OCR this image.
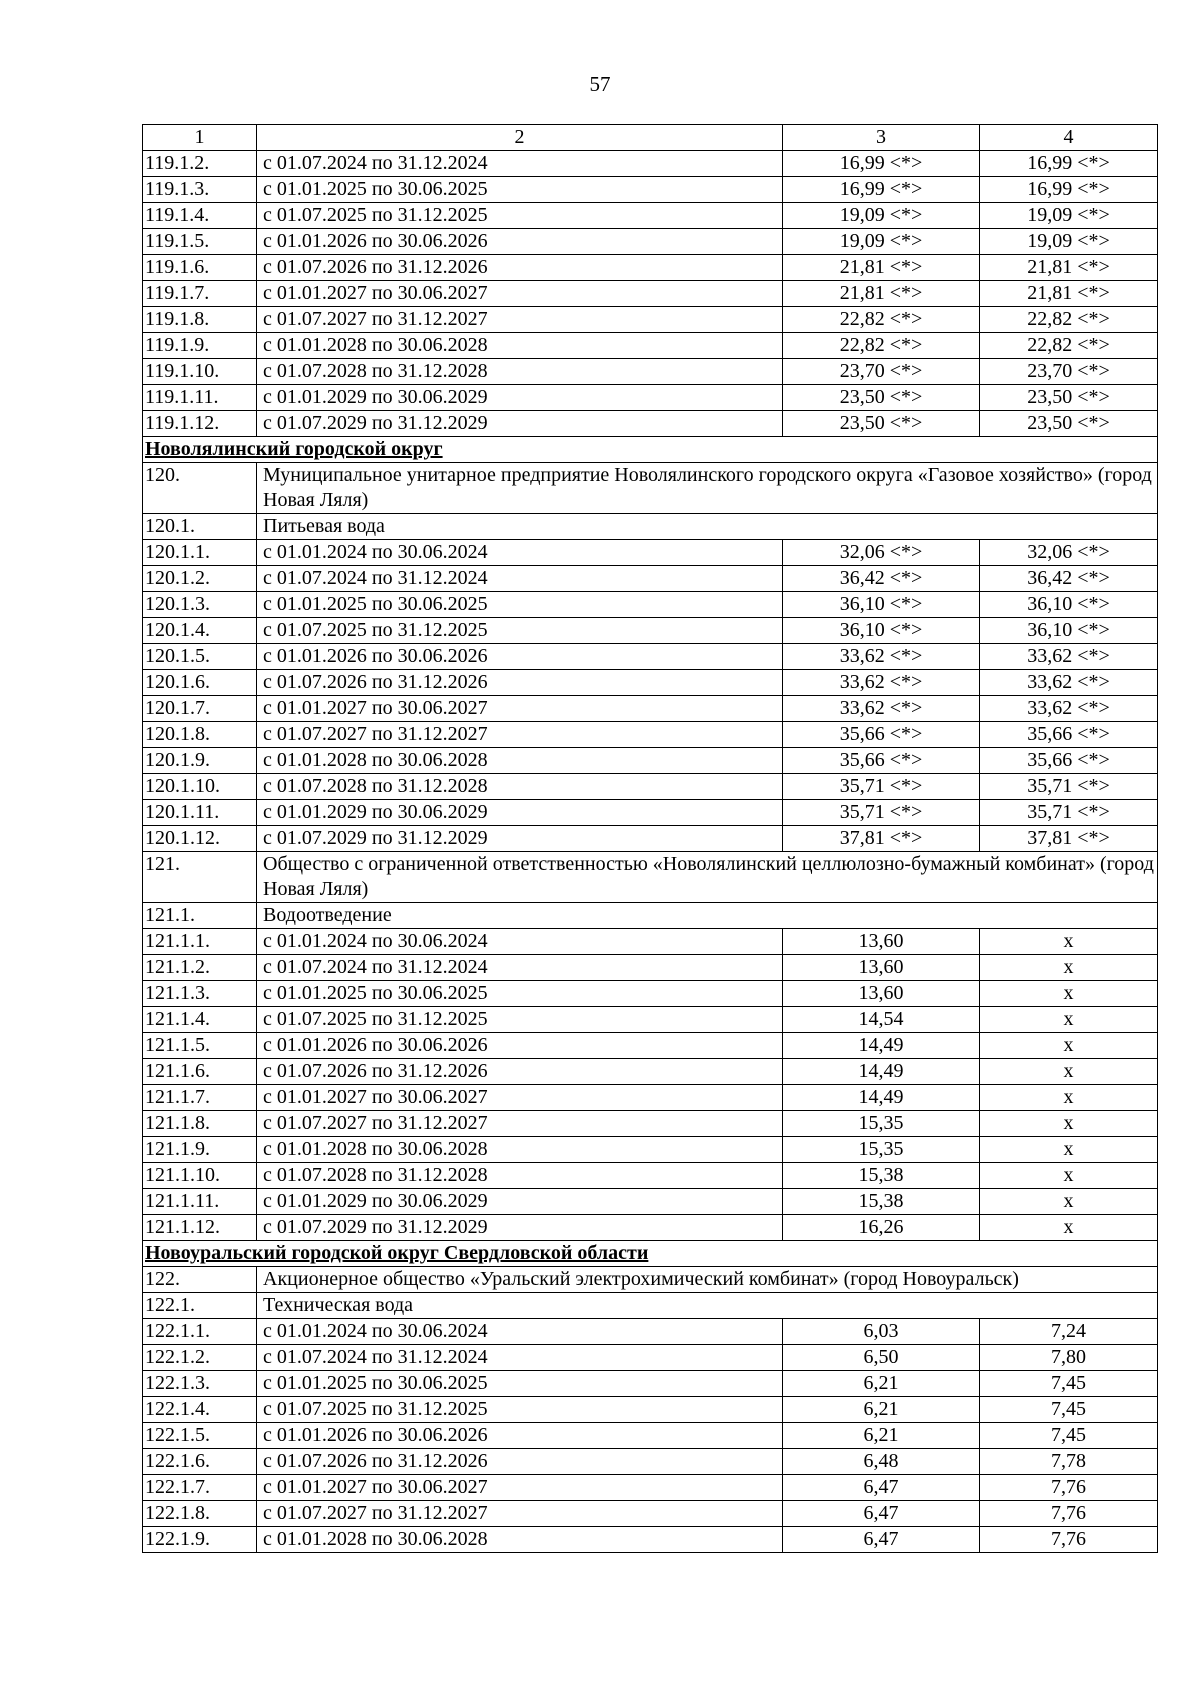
57
1	2	3	4
119.1.2.	с 01.07.2024 по 31.12.2024	16,99 <*>	16,99 <*>
119.1.3.	с 01.01.2025 по 30.06.2025	16,99 <*>	16,99 <*>
119.1.4.	с 01.07.2025 по 31.12.2025	19,09 <*>	19,09 <*>
119.1.5.	с 01.01.2026 по 30.06.2026	19,09 <*>	19,09 <*>
119.1.6.	с 01.07.2026 по 31.12.2026	21,81 <*>	21,81 <*>
119.1.7.	с 01.01.2027 по 30.06.2027	21,81 <*>	21,81 <*>
119.1.8.	с 01.07.2027 по 31.12.2027	22,82 <*>	22,82 <*>
119.1.9.	с 01.01.2028 по 30.06.2028	22,82 <*>	22,82 <*>
119.1.10.	с 01.07.2028 по 31.12.2028	23,70 <*>	23,70 <*>
119.1.11.	с 01.01.2029 по 30.06.2029	23,50 <*>	23,50 <*>
119.1.12.	с 01.07.2029 по 31.12.2029	23,50 <*>	23,50 <*>
Новолялинский городской округ			
120.	Муниципальное унитарное предприятие Новолялинского городского округа «Газовое хозяйство» (город Новая Ляля)		
120.1.	Питьевая вода		
120.1.1.	с 01.01.2024 по 30.06.2024	32,06 <*>	32,06 <*>
120.1.2.	с 01.07.2024 по 31.12.2024	36,42 <*>	36,42 <*>
120.1.3.	с 01.01.2025 по 30.06.2025	36,10 <*>	36,10 <*>
120.1.4.	с 01.07.2025 по 31.12.2025	36,10 <*>	36,10 <*>
120.1.5.	с 01.01.2026 по 30.06.2026	33,62 <*>	33,62 <*>
120.1.6.	с 01.07.2026 по 31.12.2026	33,62 <*>	33,62 <*>
120.1.7.	с 01.01.2027 по 30.06.2027	33,62 <*>	33,62 <*>
120.1.8.	с 01.07.2027 по 31.12.2027	35,66 <*>	35,66 <*>
120.1.9.	с 01.01.2028 по 30.06.2028	35,66 <*>	35,66 <*>
120.1.10.	с 01.07.2028 по 31.12.2028	35,71 <*>	35,71 <*>
120.1.11.	с 01.01.2029 по 30.06.2029	35,71 <*>	35,71 <*>
120.1.12.	с 01.07.2029 по 31.12.2029	37,81 <*>	37,81 <*>
121.	Общество с ограниченной ответственностью «Новолялинский целлюлозно-бумажный комбинат» (город Новая Ляля)		
121.1.	Водоотведение		
121.1.1.	с 01.01.2024 по 30.06.2024	13,60	x
121.1.2.	с 01.07.2024 по 31.12.2024	13,60	x
121.1.3.	с 01.01.2025 по 30.06.2025	13,60	x
121.1.4.	с 01.07.2025 по 31.12.2025	14,54	x
121.1.5.	с 01.01.2026 по 30.06.2026	14,49	x
121.1.6.	с 01.07.2026 по 31.12.2026	14,49	x
121.1.7.	с 01.01.2027 по 30.06.2027	14,49	x
121.1.8.	с 01.07.2027 по 31.12.2027	15,35	x
121.1.9.	с 01.01.2028 по 30.06.2028	15,35	x
121.1.10.	с 01.07.2028 по 31.12.2028	15,38	x
121.1.11.	с 01.01.2029 по 30.06.2029	15,38	x
121.1.12.	с 01.07.2029 по 31.12.2029	16,26	x
Новоуральский городской округ Свердловской области			
122.	Акционерное общество «Уральский электрохимический комбинат» (город Новоуральск)		
122.1.	Техническая вода		
122.1.1.	с 01.01.2024 по 30.06.2024	6,03	7,24
122.1.2.	с 01.07.2024 по 31.12.2024	6,50	7,80
122.1.3.	с 01.01.2025 по 30.06.2025	6,21	7,45
122.1.4.	с 01.07.2025 по 31.12.2025	6,21	7,45
122.1.5.	с 01.01.2026 по 30.06.2026	6,21	7,45
122.1.6.	с 01.07.2026 по 31.12.2026	6,48	7,78
122.1.7.	с 01.01.2027 по 30.06.2027	6,47	7,76
122.1.8.	с 01.07.2027 по 31.12.2027	6,47	7,76
122.1.9.	с 01.01.2028 по 30.06.2028	6,47	7,76
